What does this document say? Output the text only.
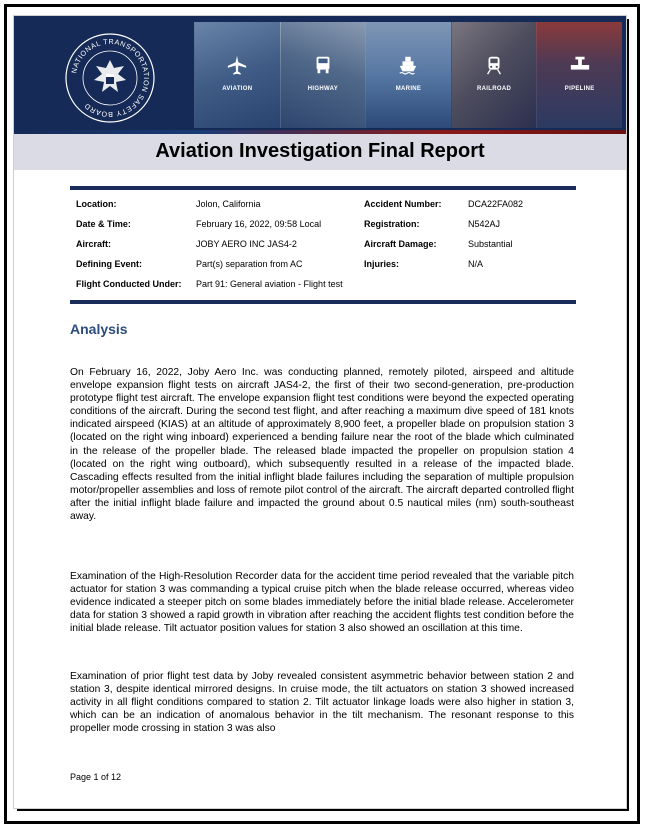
NATIONAL TRANSPORTATION SAFETY BOARD
AVIATION	HIGHWAY	MARINE	RAILROAD	PIPELINE
Aviation Investigation Final Report
Location:	Jolon, California	Accident Number:	DCA22FA082
Date & Time:	February 16, 2022, 09:58 Local	Registration:	N542AJ
Aircraft:	JOBY AERO INC JAS4-2	Aircraft Damage:	Substantial
Defining Event:	Part(s) separation from AC	Injuries:	N/A
Flight Conducted Under: Part 91: General aviation - Flight test
Analysis

On February 16, 2022, Joby Aero Inc. was conducting planned, remotely piloted, airspeed and altitude envelope expansion flight tests on aircraft JAS4-2, the first of their two second-generation, pre-production prototype flight test aircraft. The envelope expansion flight test conditions were beyond the expected operating conditions of the aircraft. During the second test flight, and after reaching a maximum dive speed of 181 knots indicated airspeed (KIAS) at an altitude of approximately 8,900 feet, a propeller blade on propulsion station 3 (located on the right wing inboard) experienced a bending failure near the root of the blade which culminated in the release of the propeller blade. The released blade impacted the propeller on propulsion station 4 (located on the right wing outboard), which subsequently resulted in a release of the impacted blade. Cascading effects resulted from the initial inflight blade failures including the separation of multiple propulsion motor/propeller assemblies and loss of remote pilot control of the aircraft. The aircraft departed controlled flight after the initial inflight blade failure and impacted the ground about 0.5 nautical miles (nm) south-southeast away.

Examination of the High-Resolution Recorder data for the accident time period revealed that the variable pitch actuator for station 3 was commanding a typical cruise pitch when the blade release occurred, whereas video evidence indicated a steeper pitch on some blades immediately before the initial blade release. Accelerometer data for station 3 showed a rapid growth in vibration after reaching the accident flights test condition before the initial blade release. Tilt actuator position values for station 3 also showed an oscillation at this time.

Examination of prior flight test data by Joby revealed consistent asymmetric behavior between station 2 and station 3, despite identical mirrored designs. In cruise mode, the tilt actuators on station 3 showed increased activity in all flight conditions compared to station 2. Tilt actuator linkage loads were also higher in station 3, which can be an indication of anomalous behavior in the tilt mechanism. The resonant response to this propeller mode crossing in station 3 was also

Page 1 of 12
